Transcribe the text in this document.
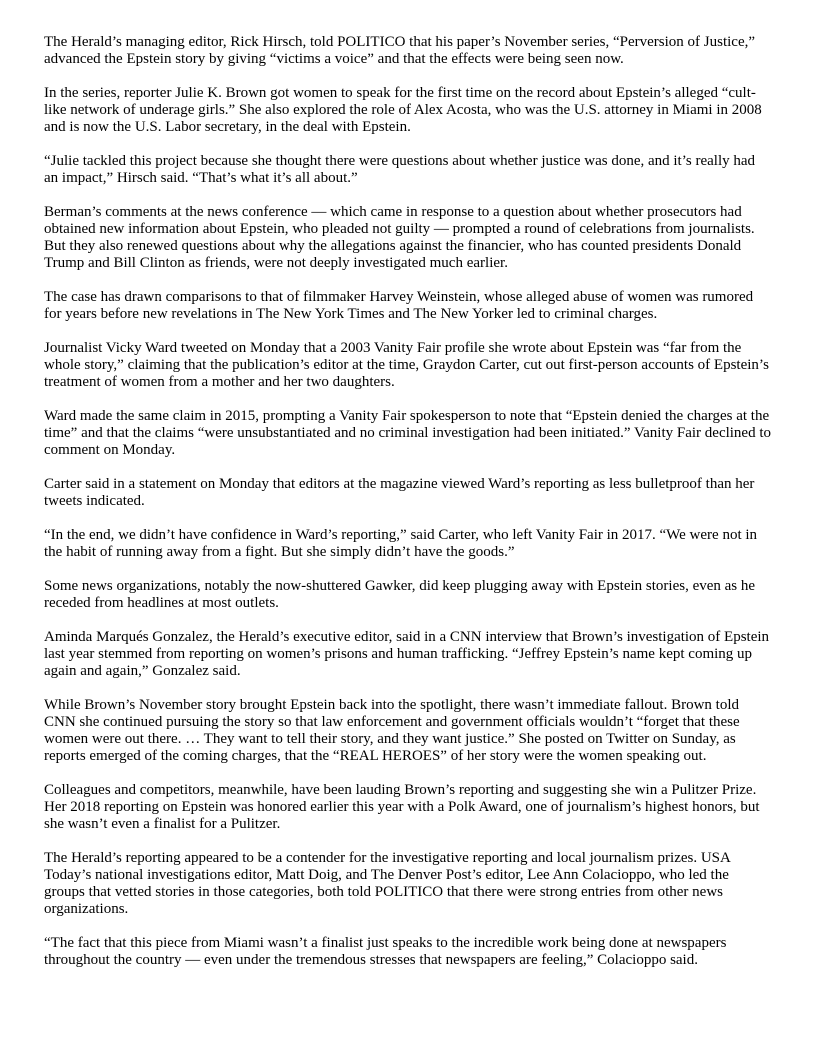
The Herald’s managing editor, Rick Hirsch, told POLITICO that his paper’s November series, “Perversion of Justice,” advanced the Epstein story by giving “victims a voice” and that the effects were being seen now.

In the series, reporter Julie K. Brown got women to speak for the first time on the record about Epstein’s alleged “cult-like network of underage girls.” She also explored the role of Alex Acosta, who was the U.S. attorney in Miami in 2008 and is now the U.S. Labor secretary, in the deal with Epstein.

“Julie tackled this project because she thought there were questions about whether justice was done, and it’s really had an impact,” Hirsch said. “That’s what it’s all about.”

Berman’s comments at the news conference — which came in response to a question about whether prosecutors had obtained new information about Epstein, who pleaded not guilty — prompted a round of celebrations from journalists. But they also renewed questions about why the allegations against the financier, who has counted presidents Donald Trump and Bill Clinton as friends, were not deeply investigated much earlier.

The case has drawn comparisons to that of filmmaker Harvey Weinstein, whose alleged abuse of women was rumored for years before new revelations in The New York Times and The New Yorker led to criminal charges.

Journalist Vicky Ward tweeted on Monday that a 2003 Vanity Fair profile she wrote about Epstein was “far from the whole story,” claiming that the publication’s editor at the time, Graydon Carter, cut out first-person accounts of Epstein’s treatment of women from a mother and her two daughters.

Ward made the same claim in 2015, prompting a Vanity Fair spokesperson to note that “Epstein denied the charges at the time” and that the claims “were unsubstantiated and no criminal investigation had been initiated.” Vanity Fair declined to comment on Monday.

Carter said in a statement on Monday that editors at the magazine viewed Ward’s reporting as less bulletproof than her tweets indicated.

“In the end, we didn’t have confidence in Ward’s reporting,” said Carter, who left Vanity Fair in 2017. “We were not in the habit of running away from a fight. But she simply didn’t have the goods.”

Some news organizations, notably the now-shuttered Gawker, did keep plugging away with Epstein stories, even as he receded from headlines at most outlets.

Aminda Marqués Gonzalez, the Herald’s executive editor, said in a CNN interview that Brown’s investigation of Epstein last year stemmed from reporting on women’s prisons and human trafficking. “Jeffrey Epstein’s name kept coming up again and again,” Gonzalez said.

While Brown’s November story brought Epstein back into the spotlight, there wasn’t immediate fallout. Brown told CNN she continued pursuing the story so that law enforcement and government officials wouldn’t “forget that these women were out there. … They want to tell their story, and they want justice.” She posted on Twitter on Sunday, as reports emerged of the coming charges, that the “REAL HEROES” of her story were the women speaking out.

Colleagues and competitors, meanwhile, have been lauding Brown’s reporting and suggesting she win a Pulitzer Prize. Her 2018 reporting on Epstein was honored earlier this year with a Polk Award, one of journalism’s highest honors, but she wasn’t even a finalist for a Pulitzer.

The Herald’s reporting appeared to be a contender for the investigative reporting and local journalism prizes. USA Today’s national investigations editor, Matt Doig, and The Denver Post’s editor, Lee Ann Colacioppo, who led the groups that vetted stories in those categories, both told POLITICO that there were strong entries from other news organizations.

“The fact that this piece from Miami wasn’t a finalist just speaks to the incredible work being done at newspapers throughout the country — even under the tremendous stresses that newspapers are feeling,” Colacioppo said.
